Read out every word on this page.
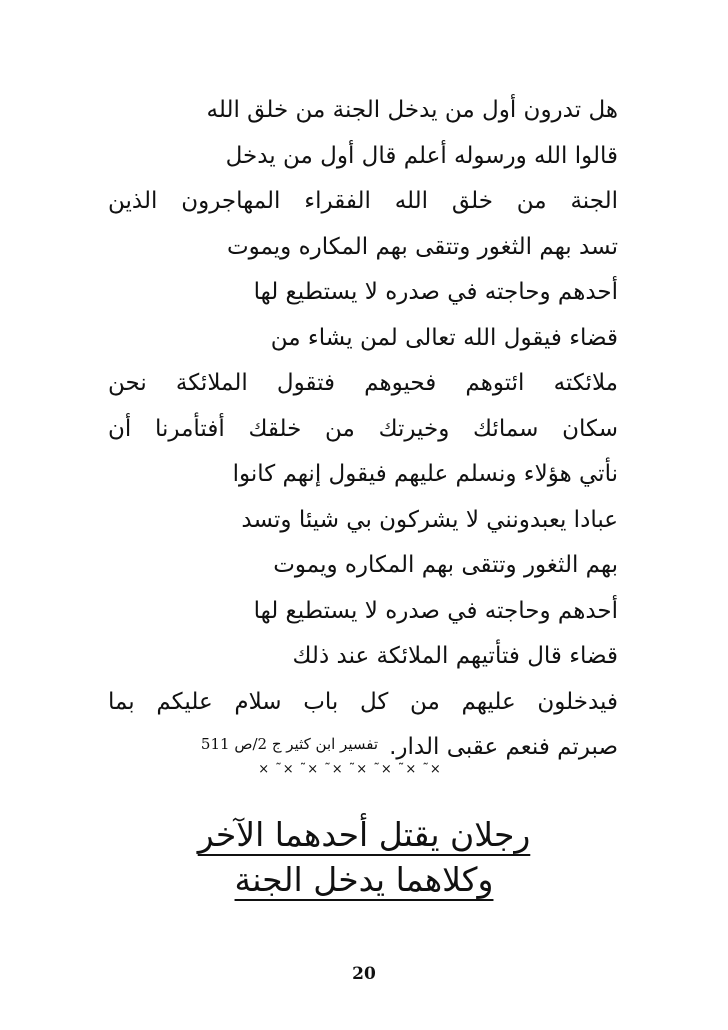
هل تدرون أول من يدخل الجنة من خلق الله
قالوا الله ورسوله أعلم قال أول من يدخل
الجنة من خلق الله الفقراء المهاجرون الذين
تسد بهم الثغور وتتقى بهم المكاره ويموت
أحدهم وحاجته في صدره لا يستطيع لها
قضاء فيقول الله تعالى لمن يشاء من
ملائكته ائتوهم فحيوهم فتقول الملائكة نحن
سكان سمائك وخيرتك من خلقك أفتأمرنا أن
نأتي هؤلاء ونسلم عليهم فيقول إنهم كانوا
عبادا يعبدونني لا يشركون بي شيئا وتسد
بهم الثغور وتتقى بهم المكاره ويموت
أحدهم وحاجته في صدره لا يستطيع لها
قضاء قال فتأتيهم الملائكة عند ذلك
فيدخلون عليهم من كل باب سلام عليكم بما
صبرتم فنعم عقبى الدار.
تفسير ابن كثير ج 2/ص 511
× ˜× ˜× ˜× ˜× ˜× ˜× ˜×
رجلان يقتل أحدهما الآخر
وكلاهما يدخل الجنة
20
